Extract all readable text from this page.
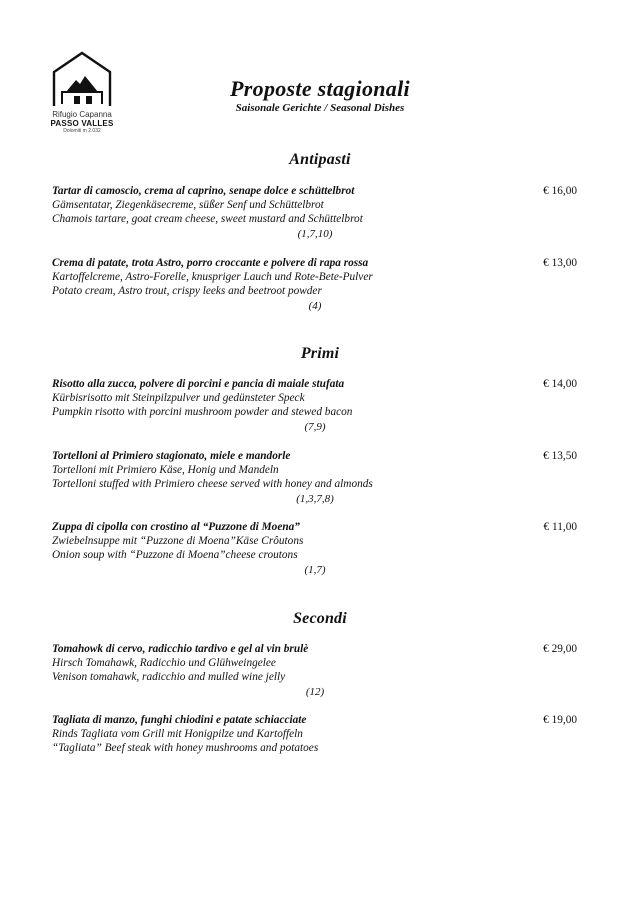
Rifugio Capanna
PASSO VALLES
Dolomiti m 2.032
Proposte stagionali
Saisonale Gerichte / Seasonal Dishes
Antipasti
Tartar di camoscio, crema al caprino, senape dolce e schüttelbrot
Gämsentatar, Ziegenkäsecreme, süßer Senf und Schüttelbrot
Chamois tartare, goat cream cheese, sweet mustard and Schüttelbrot
(1,7,10)
€ 16,00
Crema di patate, trota Astro, porro croccante e polvere di rapa rossa
Kartoffelcreme, Astro-Forelle, knuspriger Lauch und Rote-Bete-Pulver
Potato cream, Astro trout, crispy leeks and beetroot powder
(4)
€ 13,00
Primi
Risotto alla zucca, polvere di porcini e pancia di maiale stufata
Kürbisrisotto mit Steinpilzpulver und gedünsteter Speck
Pumpkin risotto with porcini mushroom powder and stewed bacon
(7,9)
€ 14,00
Tortelloni al Primiero stagionato, miele e mandorle
Tortelloni mit Primiero Käse, Honig und Mandeln
Tortelloni stuffed with Primiero cheese served with honey and almonds
(1,3,7,8)
€ 13,50
Zuppa di cipolla con crostino al “Puzzone di Moena”
Zwiebelnsuppe mit “Puzzone di Moena”Käse Crôutons
Onion soup with “Puzzone di Moena”cheese croutons
(1,7)
€ 11,00
Secondi
Tomahowk di cervo, radicchio tardivo e gel al vin brulè
Hirsch Tomahawk, Radicchio und Glühweingelee
Venison tomahawk, radicchio and mulled wine jelly
(12)
€ 29,00
Tagliata di manzo, funghi chiodini e patate schiacciate
Rinds Tagliata vom Grill mit Honigpilze und Kartoffeln
“Tagliata” Beef steak with honey mushrooms and potatoes
€ 19,00
